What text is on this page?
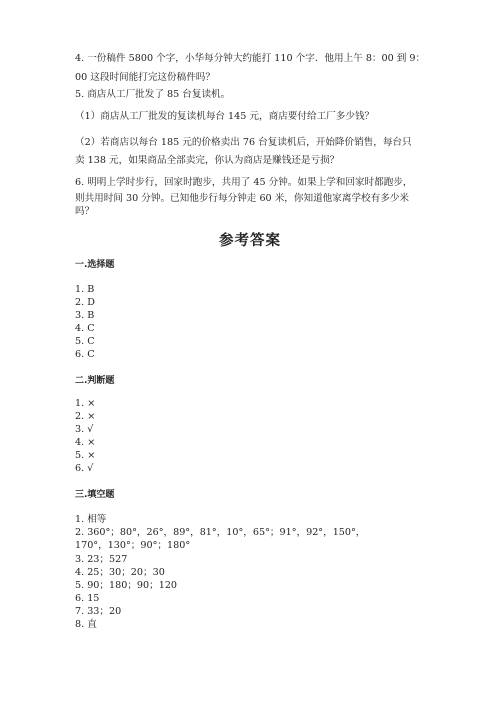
4. 一份稿件 5800 个字，小华每分钟大约能打 110 个字．他用上午 8：00 到 9：
00 这段时间能打完这份稿件吗？
5. 商店从工厂批发了 85 台复读机。
（1）商店从工厂批发的复读机每台 145 元，商店要付给工厂多少钱？
（2）若商店以每台 185 元的价格卖出 76 台复读机后，开始降价销售，每台只
卖 138 元，如果商品全部卖完，你认为商店是赚钱还是亏损？
6. 明明上学时步行，回家时跑步，共用了 45 分钟。如果上学和回家时都跑步，
则共用时间 30 分钟。已知他步行每分钟走 60 米，你知道他家离学校有多少米
吗？
参考答案
一.选择题
1. B
2. D
3. B
4. C
5. C
6. C
二.判断题
1. ×
2. ×
3. √
4. ×
5. ×
6. √
三.填空题
1. 相等
2. 360°；80°，26°，89°，81°，10°，65°；91°，92°，150°，
170°，130°；90°；180°
3. 23；527
4. 25；30；20；30
5. 90；180；90；120
6. 15
7. 33；20
8. 直
